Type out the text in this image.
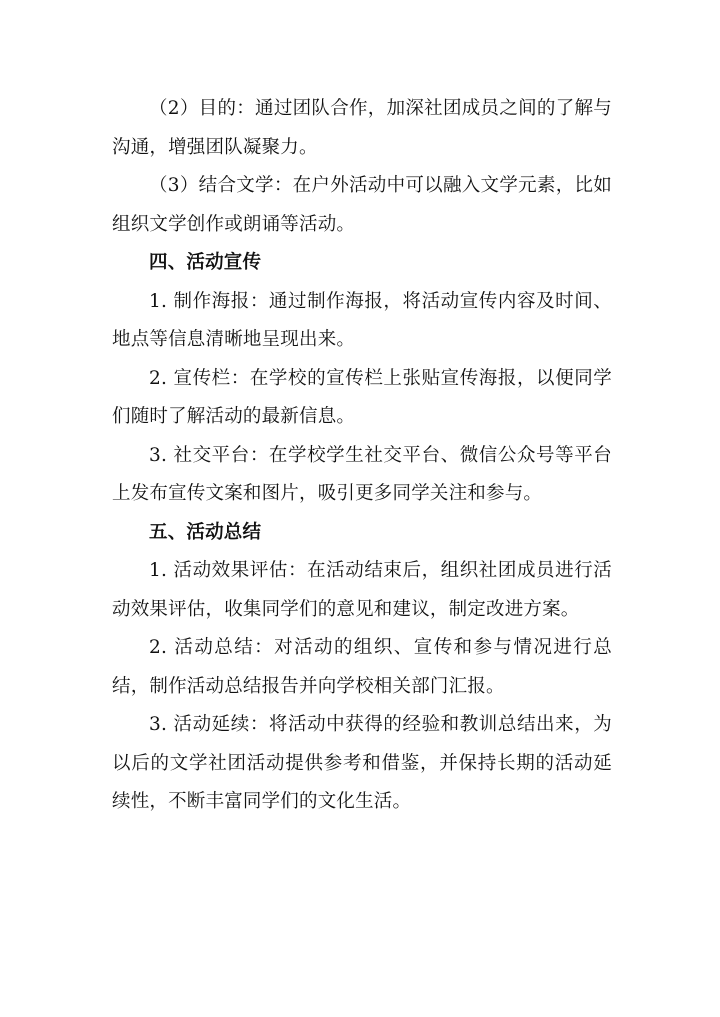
（2）目的：通过团队合作，加深社团成员之间的了解与沟通，增强团队凝聚力。

（3）结合文学：在户外活动中可以融入文学元素，比如组织文学创作或朗诵等活动。

四、活动宣传

1. 制作海报：通过制作海报，将活动宣传内容及时间、地点等信息清晰地呈现出来。

2. 宣传栏：在学校的宣传栏上张贴宣传海报，以便同学们随时了解活动的最新信息。

3. 社交平台：在学校学生社交平台、微信公众号等平台上发布宣传文案和图片，吸引更多同学关注和参与。

五、活动总结

1. 活动效果评估：在活动结束后，组织社团成员进行活动效果评估，收集同学们的意见和建议，制定改进方案。

2. 活动总结：对活动的组织、宣传和参与情况进行总结，制作活动总结报告并向学校相关部门汇报。

3. 活动延续：将活动中获得的经验和教训总结出来，为以后的文学社团活动提供参考和借鉴，并保持长期的活动延续性，不断丰富同学们的文化生活。
